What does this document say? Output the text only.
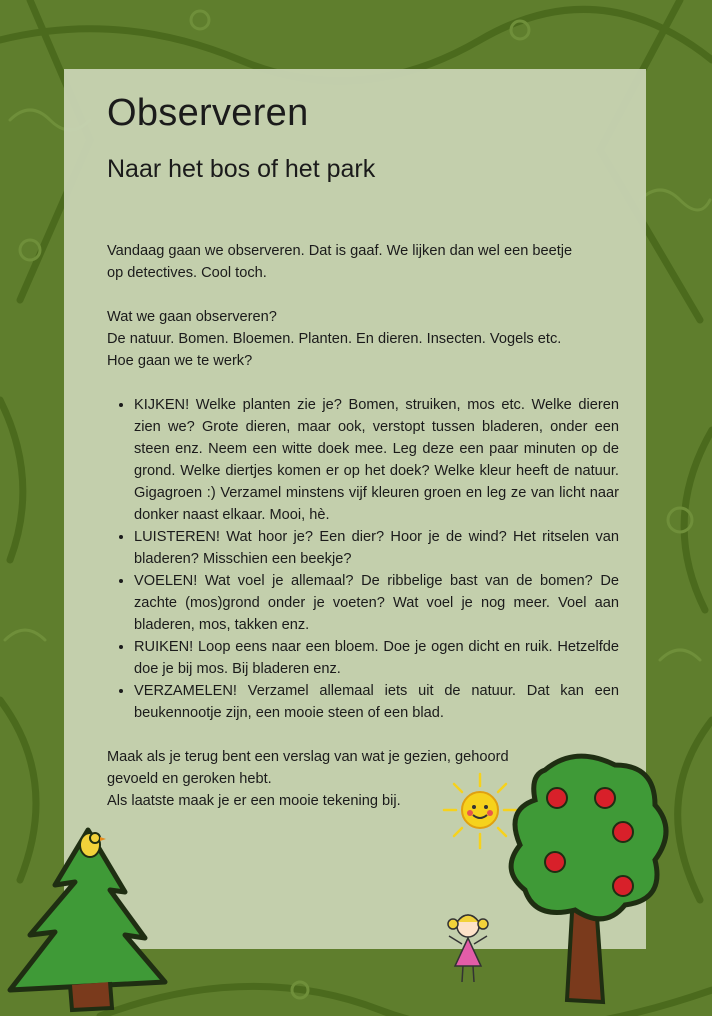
Observeren
Naar het bos of het park

Vandaag gaan we observeren. Dat is gaaf. We lijken dan wel een beetje
op detectives. Cool toch.

Wat we gaan observeren?
De natuur. Bomen. Bloemen. Planten. En dieren. Insecten. Vogels etc.
Hoe gaan we te werk?

• KIJKEN! Welke planten zie je? Bomen, struiken, mos etc. Welke dieren zien we? Grote dieren, maar ook, verstopt tussen bladeren, onder een steen enz. Neem een witte doek mee. Leg deze een paar minuten op de grond. Welke diertjes komen er op het doek? Welke kleur heeft de natuur. Gigagroen :) Verzamel minstens vijf kleuren groen en leg ze van licht naar donker naast elkaar. Mooi, hè.
• LUISTEREN! Wat hoor je? Een dier? Hoor je de wind? Het ritselen van bladeren? Misschien een beekje?
• VOELEN! Wat voel je allemaal? De ribbelige bast van de bomen? De zachte (mos)grond onder je voeten? Wat voel je nog meer. Voel aan bladeren, mos, takken enz.
• RUIKEN! Loop eens naar een bloem. Doe je ogen dicht en ruik. Hetzelfde doe je bij mos. Bij bladeren enz.
• VERZAMELEN! Verzamel allemaal iets uit de natuur. Dat kan een beukennootje zijn, een mooie steen of een blad.

Maak als je terug bent een verslag van wat je gezien, gehoord
gevoeld en geroken hebt.
Als laatste maak je er een mooie tekening bij.
